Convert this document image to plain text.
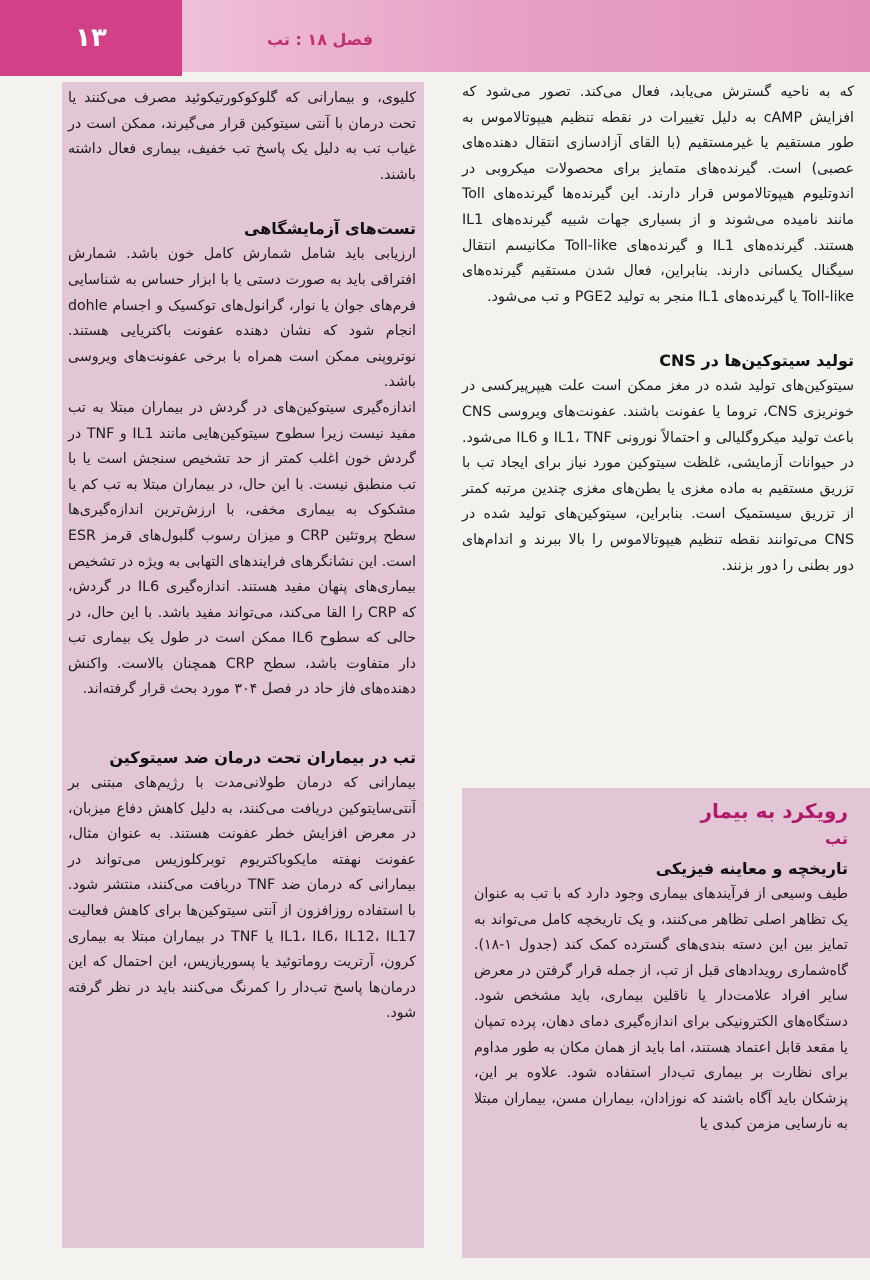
۱۳	فصل ۱۸ : تب

کلیوی، و بیمارانی که گلوکوکورتیکوئید مصرف می‌کنند یا تحت درمان با آنتی سیتوکین قرار می‌گیرند، ممکن است در غیاب تب به دلیل یک پاسخ تب خفیف، بیماری فعال داشته باشند.

تست‌های آزمایشگاهی

ارزیابی باید شامل شمارش کامل خون باشد. شمارش افتراقی باید به صورت دستی یا با ابزار حساس به شناسایی فرم‌های جوان یا نوار، گرانول‌های توکسیک و اجسام dohle انجام شود که نشان دهنده عفونت باکتریایی هستند. نوتروپنی ممکن است همراه با برخی عفونت‌های ویروسی باشد.

اندازه‌گیری سیتوکین‌های در گردش در بیماران مبتلا به تب مفید نیست زیرا سطوح سیتوکین‌هایی مانند IL1 و TNF در گردش خون اغلب کمتر از حد تشخیص سنجش است یا با تب منطبق نیست. با این حال، در بیماران مبتلا به تب کم یا مشکوک به بیماری مخفی، با ارزش‌ترین اندازه‌گیری‌ها سطح پروتئین CRP و میزان رسوب گلبول‌های قرمز ESR است. این نشانگرهای فرایندهای التهابی به ویژه در تشخیص بیماری‌های پنهان مفید هستند. اندازه‌گیری IL6 در گردش، که CRP را القا می‌کند، می‌تواند مفید باشد. با این حال، در حالی که سطوح IL6 ممکن است در طول یک بیماری تب دار متفاوت باشد، سطح CRP همچنان بالاست. واکنش دهنده‌های فاز حاد در فصل ۳۰۴ مورد بحث قرار گرفته‌اند.

تب در بیماران تحت درمان ضد سیتوکین

بیمارانی که درمان طولانی‌مدت با رژیم‌های مبتنی بر آنتی‌سایتوکین دریافت می‌کنند، به دلیل کاهش دفاع میزبان، در معرض افزایش خطر عفونت هستند. به عنوان مثال، عفونت نهفته مایکوباکتریوم توبرکلوزیس می‌تواند در بیمارانی که درمان ضد TNF دریافت می‌کنند، منتشر شود. با استفاده روزافزون از آنتی سیتوکین‌ها برای کاهش فعالیت IL1، IL6، IL12، IL17 یا TNF در بیماران مبتلا به بیماری کرون، آرتریت روماتوئید یا پسوریازیس، این احتمال که این درمان‌ها پاسخ تب‌دار را کمرنگ می‌کنند باید در نظر گرفته شود.

که به ناحیه گسترش می‌یابد، فعال می‌کند. تصور می‌شود که افزایش cAMP به دلیل تغییرات در نقطه تنظیم هیپوتالاموس به طور مستقیم یا غیرمستقیم (با القای آزادسازی انتقال دهنده‌های عصبی) است. گیرنده‌های متمایز برای محصولات میکروبی در اندوتلیوم هیپوتالاموس قرار دارند. این گیرنده‌ها گیرنده‌های Toll مانند نامیده می‌شوند و از بسیاری جهات شبیه گیرنده‌های IL1 هستند. گیرنده‌های IL1 و گیرنده‌های Toll-like مکانیسم انتقال سیگنال یکسانی دارند. بنابراین، فعال شدن مستقیم گیرنده‌های Toll-like یا گیرنده‌های IL1 منجر به تولید PGE2 و تب می‌شود.

تولید سیتوکین‌ها در CNS

سیتوکین‌های تولید شده در مغز ممکن است علت هیپرپیرکسی در خونریزی CNS، تروما یا عفونت باشند. عفونت‌های ویروسی CNS باعث تولید میکروگلیالی و احتمالاً نورونی IL1، TNF و IL6 می‌شود. در حیوانات آزمایشی، غلظت سیتوکین مورد نیاز برای ایجاد تب با تزریق مستقیم به ماده مغزی یا بطن‌های مغزی چندین مرتبه کمتر از تزریق سیستمیک است. بنابراین، سیتوکین‌های تولید شده در CNS می‌توانند نقطه تنظیم هیپوتالاموس را بالا ببرند و اندام‌های دور بطنی را دور بزنند.

رویکرد به بیمار
تب
تاریخچه و معاینه فیزیکی

طیف وسیعی از فرآیندهای بیماری وجود دارد که با تب به عنوان یک تظاهر اصلی تظاهر می‌کنند، و یک تاریخچه کامل می‌تواند به تمایز بین این دسته بندی‌های گسترده کمک کند (جدول ۱-۱۸). گاه‌شماری رویدادهای قبل از تب، از جمله قرار گرفتن در معرض سایر افراد علامت‌دار یا ناقلین بیماری، باید مشخص شود. دستگاه‌های الکترونیکی برای اندازه‌گیری دمای دهان، پرده تمپان یا مقعد قابل اعتماد هستند، اما باید از همان مکان به طور مداوم برای نظارت بر بیماری تب‌دار استفاده شود. علاوه بر این، پزشکان باید آگاه باشند که نوزادان، بیماران مسن، بیماران مبتلا به نارسایی مزمن کبدی یا
